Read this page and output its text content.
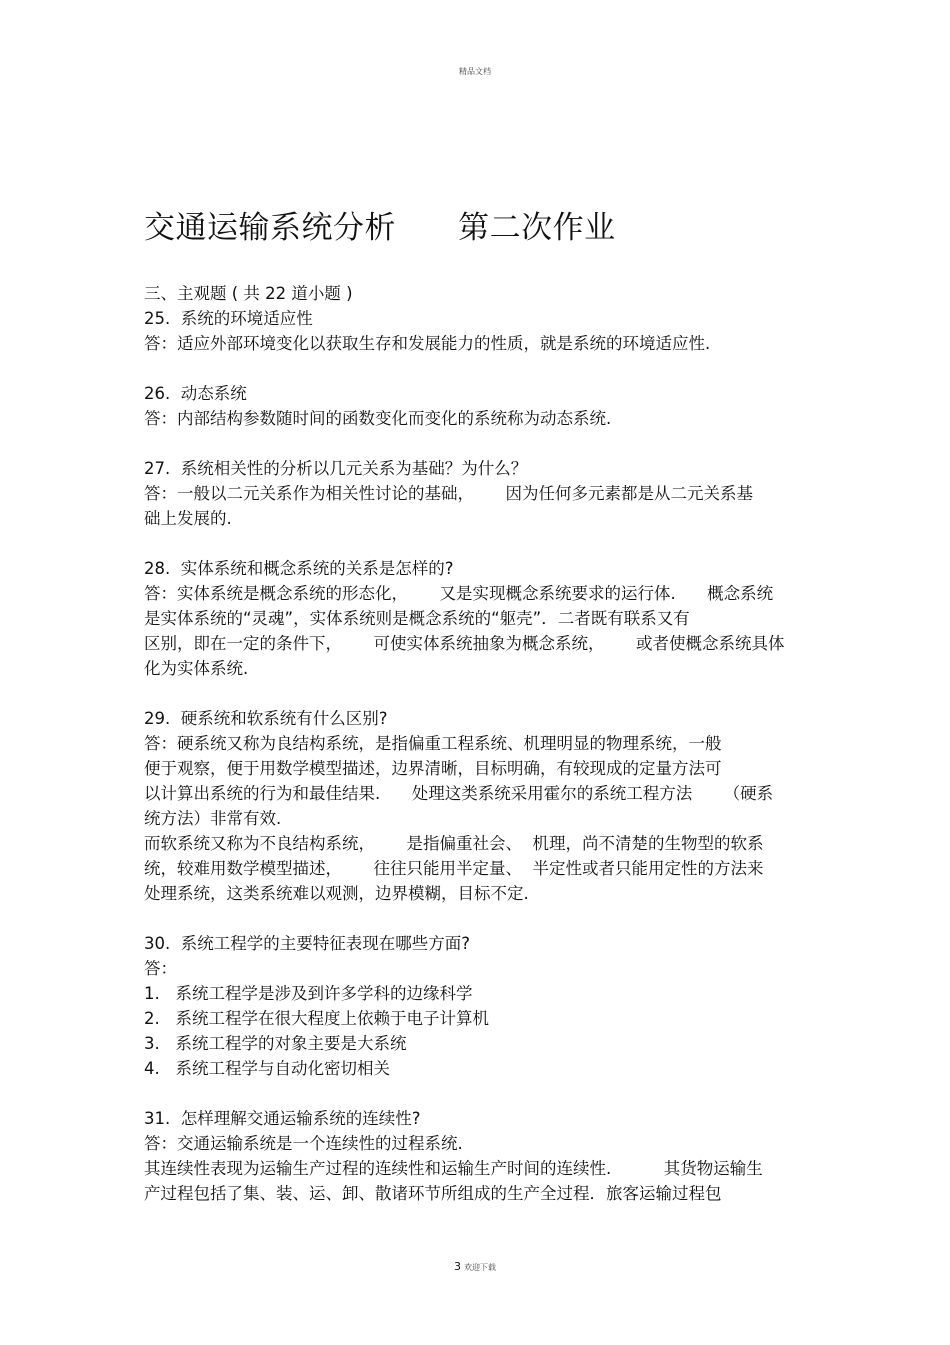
精品文档
交通运输系统分析      第二次作业
三、主观题 ( 共 22 道小题 )
25.  系统的环境适应性
答：适应外部环境变化以获取生存和发展能力的性质，就是系统的环境适应性.
26.  动态系统
答：内部结构参数随时间的函数变化而变化的系统称为动态系统.
27.  系统相关性的分析以几元关系为基础？为什么？
答：一般以二元关系作为相关性讨论的基础，      因为任何多元素都是从二元关系基
础上发展的.
28.  实体系统和概念系统的关系是怎样的?
答：实体系统是概念系统的形态化，      又是实现概念系统要求的运行体.      概念系统
是实体系统的“灵魂”，实体系统则是概念系统的“躯壳”．二者既有联系又有
区别，即在一定的条件下，      可使实体系统抽象为概念系统，      或者使概念系统具体
化为实体系统.
29.  硬系统和软系统有什么区别?
答：硬系统又称为良结构系统，是指偏重工程系统、机理明显的物理系统，一般
便于观察，便于用数学模型描述，边界清晰，目标明确，有较现成的定量方法可
以计算出系统的行为和最佳结果.      处理这类系统采用霍尔的系统工程方法      （硬系
统方法）非常有效.
而软系统又称为不良结构系统，      是指偏重社会、  机理，尚不清楚的生物型的软系
统，较难用数学模型描述，      往往只能用半定量、  半定性或者只能用定性的方法来
处理系统，这类系统难以观测，边界模糊，目标不定.
30.  系统工程学的主要特征表现在哪些方面?
答：
1.   系统工程学是涉及到许多学科的边缘科学
2.   系统工程学在很大程度上依赖于电子计算机
3.   系统工程学的对象主要是大系统
4.   系统工程学与自动化密切相关
31.  怎样理解交通运输系统的连续性?
答：交通运输系统是一个连续性的过程系统.
其连续性表现为运输生产过程的连续性和运输生产时间的连续性.          其货物运输生
产过程包括了集、装、运、卸、散诸环节所组成的生产全过程．旅客运输过程包
3 欢迎下载
